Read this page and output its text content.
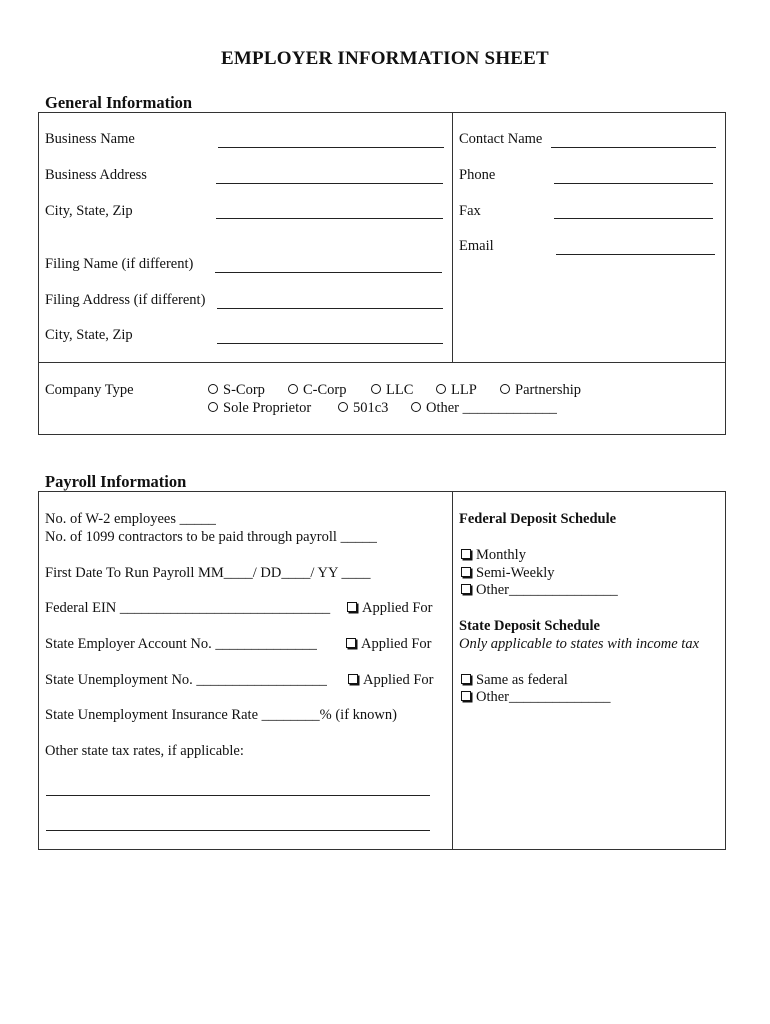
EMPLOYER INFORMATION SHEET
General Information
Business Name
Business Address
City, State, Zip
Filing Name (if different)
Filing Address (if different)
City, State, Zip
Contact Name
Phone
Fax
Email
Company Type	S-Corp	C-Corp	LLC	LLP	Partnership
Sole Proprietor	501c3	Other _____________
Payroll Information
No. of W-2 employees _____
No. of 1099 contractors to be paid through payroll _____
First Date To Run Payroll MM____/ DD____/ YY ____
Federal EIN _____________________________	Applied For
State Employer Account No. ______________	Applied For
State Unemployment No. __________________	Applied For
State Unemployment Insurance Rate ________% (if known)
Other state tax rates, if applicable:
Federal Deposit Schedule
Monthly
Semi-Weekly
Other_______________
State Deposit Schedule
Only applicable to states with income tax
Same as federal
Other______________
